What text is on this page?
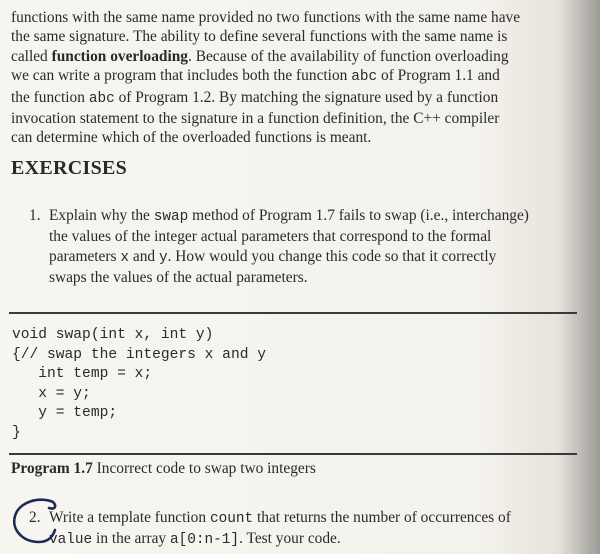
functions with the same name provided no two functions with the same name have
the same signature. The ability to define several functions with the same name is
called function overloading. Because of the availability of function overloading
we can write a program that includes both the function abc of Program 1.1 and
the function abc of Program 1.2. By matching the signature used by a function
invocation statement to the signature in a function definition, the C++ compiler
can determine which of the overloaded functions is meant.
EXERCISES
1. Explain why the swap method of Program 1.7 fails to swap (i.e., interchange)
the values of the integer actual parameters that correspond to the formal
parameters x and y. How would you change this code so that it correctly
swaps the values of the actual parameters.
void swap(int x, int y)
{// swap the integers x and y
int temp = x;
x = y;
y = temp;
}
Program 1.7 Incorrect code to swap two integers
2. Write a template function count that returns the number of occurrences of
value in the array a[0:n-1]. Test your code.
